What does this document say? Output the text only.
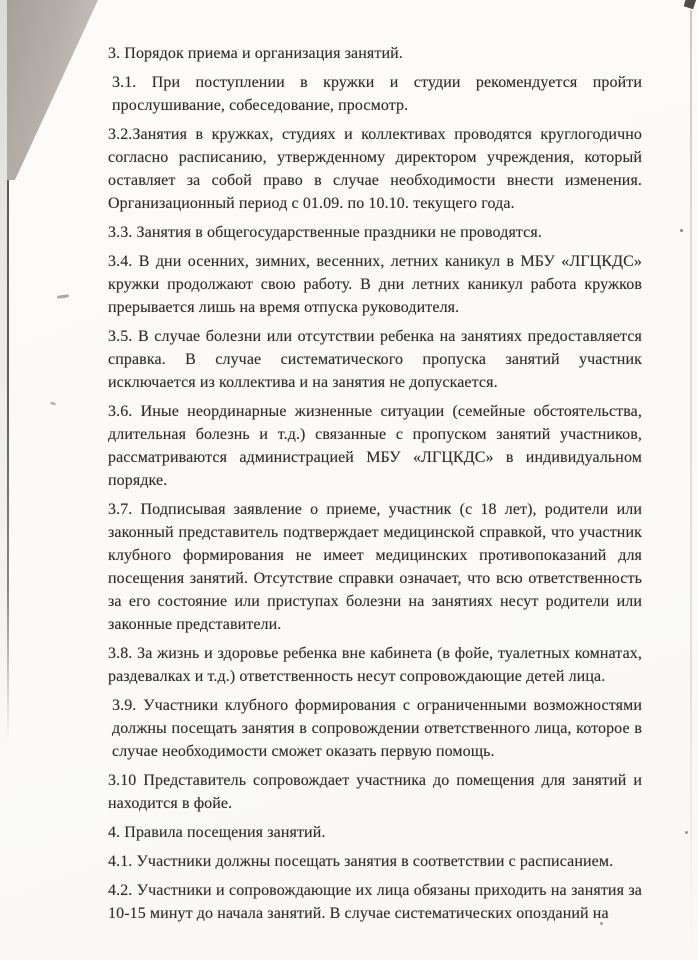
3. Порядок приема и организация занятий.

3.1. При поступлении в кружки и студии рекомендуется пройти прослушивание, собеседование, просмотр.

3.2.Занятия в кружках, студиях и коллективах проводятся круглогодично согласно расписанию, утвержденному директором учреждения, который оставляет за собой право в случае необходимости внести изменения. Организационный период с 01.09. по 10.10. текущего года.

3.3. Занятия в общегосударственные праздники не проводятся.

3.4. В дни осенних, зимних, весенних, летних каникул в МБУ «ЛГЦКДС» кружки продолжают свою работу. В дни летних каникул работа кружков прерывается лишь на время отпуска руководителя.

3.5. В случае болезни или отсутствии ребенка на занятиях предоставляется справка. В случае систематического пропуска занятий участник исключается из коллектива и на занятия не допускается.

3.6. Иные неординарные жизненные ситуации (семейные обстоятельства, длительная болезнь и т.д.) связанные с пропуском занятий участников, рассматриваются администрацией МБУ «ЛГЦКДС» в индивидуальном порядке.

3.7. Подписывая заявление о приеме, участник (с 18 лет), родители или законный представитель подтверждает медицинской справкой, что участник клубного формирования не имеет медицинских противопоказаний для посещения занятий. Отсутствие справки означает, что всю ответственность за его состояние или приступах болезни на занятиях несут родители или законные представители.

3.8. За жизнь и здоровье ребенка вне кабинета (в фойе, туалетных комнатах, раздевалках и т.д.) ответственность несут сопровождающие детей лица.

3.9. Участники клубного формирования с ограниченными возможностями должны посещать занятия в сопровождении ответственного лица, которое в случае необходимости сможет оказать первую помощь.

3.10 Представитель сопровождает участника до помещения для занятий и находится в фойе.

4. Правила посещения занятий.

4.1. Участники должны посещать занятия в соответствии с расписанием.

4.2. Участники и сопровождающие их лица обязаны приходить на занятия за 10-15 минут до начала занятий. В случае систематических опозданий на
